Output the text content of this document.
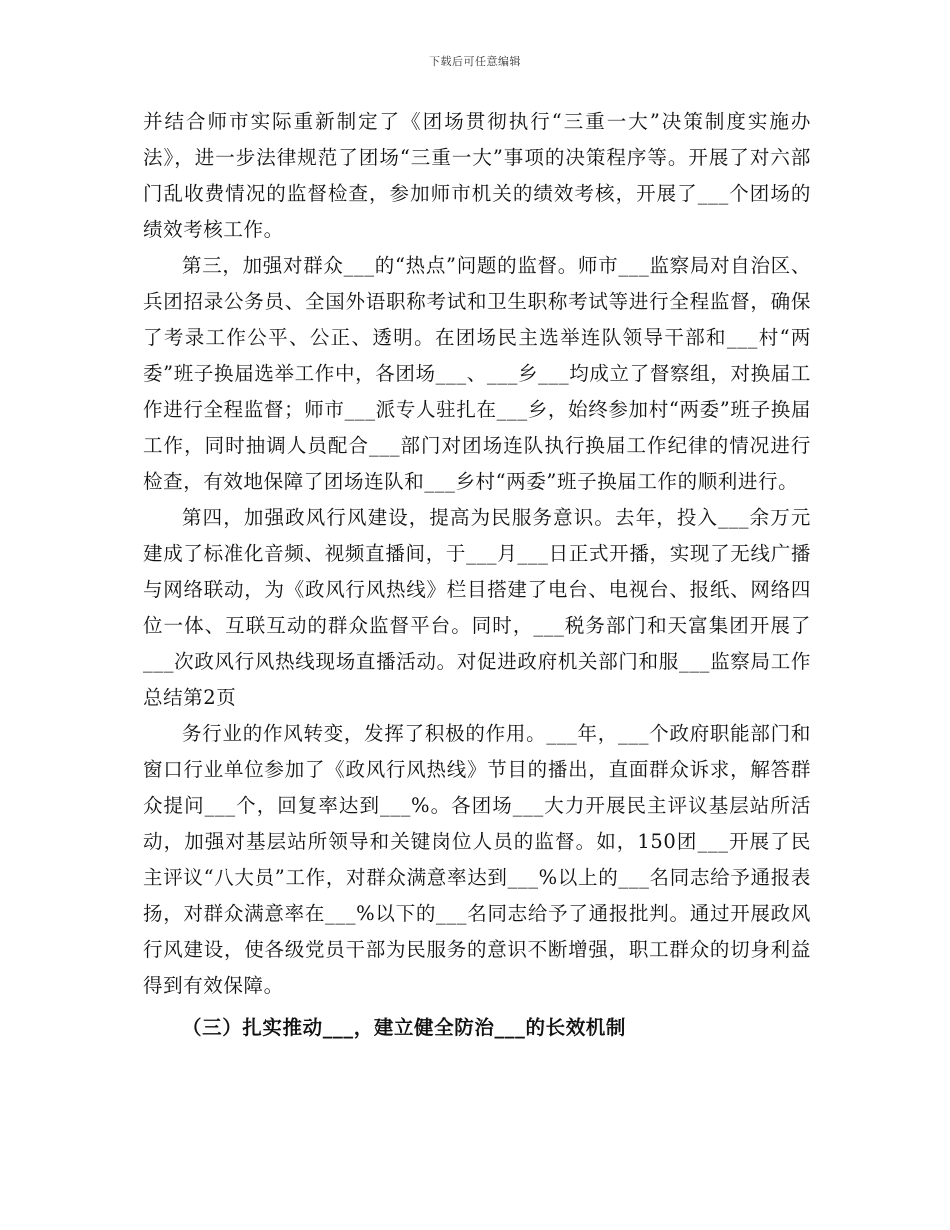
下载后可任意编辑

并结合师市实际重新制定了《团场贯彻执行“三重一大”决策制度实施办法》，进一步法律规范了团场“三重一大”事项的决策程序等。开展了对六部门乱收费情况的监督检查，参加师市机关的绩效考核，开展了___个团场的绩效考核工作。

第三，加强对群众___的“热点”问题的监督。师市___监察局对自治区、兵团招录公务员、全国外语职称考试和卫生职称考试等进行全程监督，确保了考录工作公平、公正、透明。在团场民主选举连队领导干部和___村“两委”班子换届选举工作中，各团场___、___乡___均成立了督察组，对换届工作进行全程监督；师市___派专人驻扎在___乡，始终参加村“两委”班子换届工作，同时抽调人员配合___部门对团场连队执行换届工作纪律的情况进行检查，有效地保障了团场连队和___乡村“两委”班子换届工作的顺利进行。

第四，加强政风行风建设，提高为民服务意识。去年，投入___余万元建成了标准化音频、视频直播间，于___月___日正式开播，实现了无线广播与网络联动，为《政风行风热线》栏目搭建了电台、电视台、报纸、网络四位一体、互联互动的群众监督平台。同时，___税务部门和天富集团开展了___次政风行风热线现场直播活动。对促进政府机关部门和服___监察局工作总结第2页

务行业的作风转变，发挥了积极的作用。___年，___个政府职能部门和窗口行业单位参加了《政风行风热线》节目的播出，直面群众诉求，解答群众提问___个，回复率达到___%。各团场___大力开展民主评议基层站所活动，加强对基层站所领导和关键岗位人员的监督。如，150团___开展了民主评议“八大员”工作，对群众满意率达到___%以上的___名同志给予通报表扬，对群众满意率在___%以下的___名同志给予了通报批判。通过开展政风行风建设，使各级党员干部为民服务的意识不断增强，职工群众的切身利益得到有效保障。

（三）扎实推动___，建立健全防治___的长效机制
